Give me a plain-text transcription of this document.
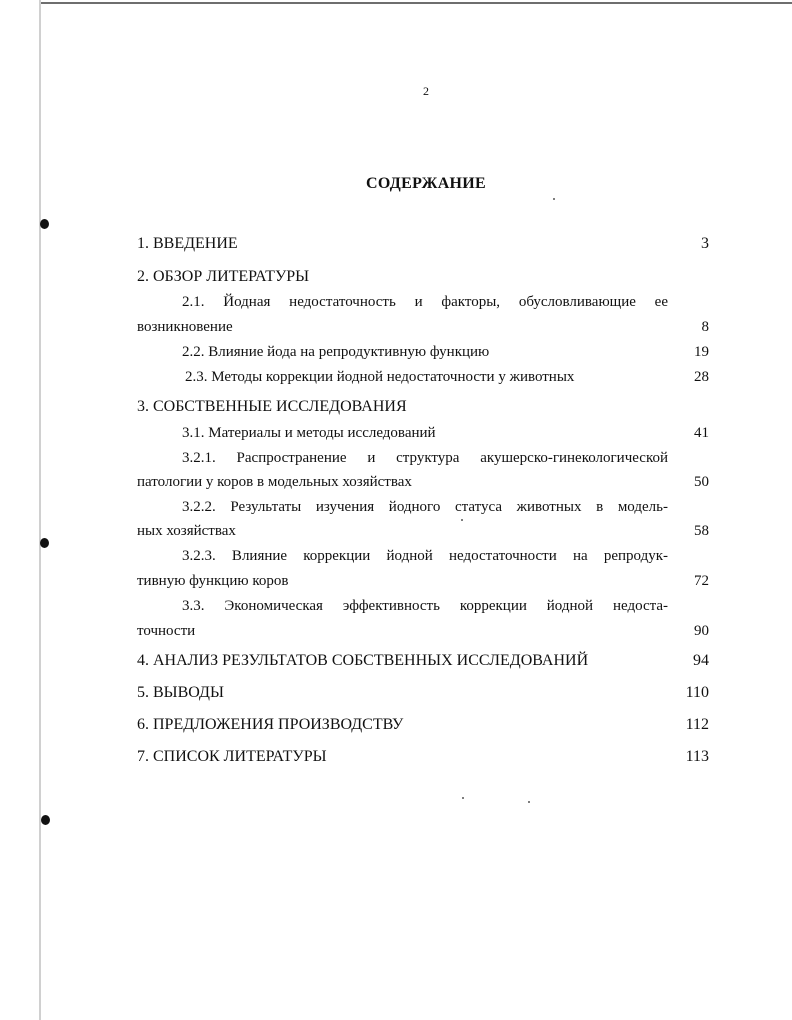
2
СОДЕРЖАНИЕ
1. ВВЕДЕНИЕ	3
2. ОБЗОР ЛИТЕРАТУРЫ
2.1. Йодная недостаточность и факторы, обусловливающие ее
возникновение	8
2.2. Влияние йода на репродуктивную функцию	19
2.3. Методы коррекции йодной недостаточности у животных	28
3. СОБСТВЕННЫЕ ИССЛЕДОВАНИЯ
3.1. Материалы и методы исследований	41
3.2.1. Распространение и структура акушерско-гинекологической
патологии у коров в модельных хозяйствах	50
3.2.2. Результаты изучения йодного статуса животных в модель-
ных хозяйствах	58
3.2.3. Влияние коррекции йодной недостаточности на репродук-
тивную функцию коров	72
3.3. Экономическая эффективность коррекции йодной недоста-
точности	90
4. АНАЛИЗ РЕЗУЛЬТАТОВ СОБСТВЕННЫХ ИССЛЕДОВАНИЙ	94
5. ВЫВОДЫ	110
6. ПРЕДЛОЖЕНИЯ ПРОИЗВОДСТВУ	112
7. СПИСОК ЛИТЕРАТУРЫ	113
